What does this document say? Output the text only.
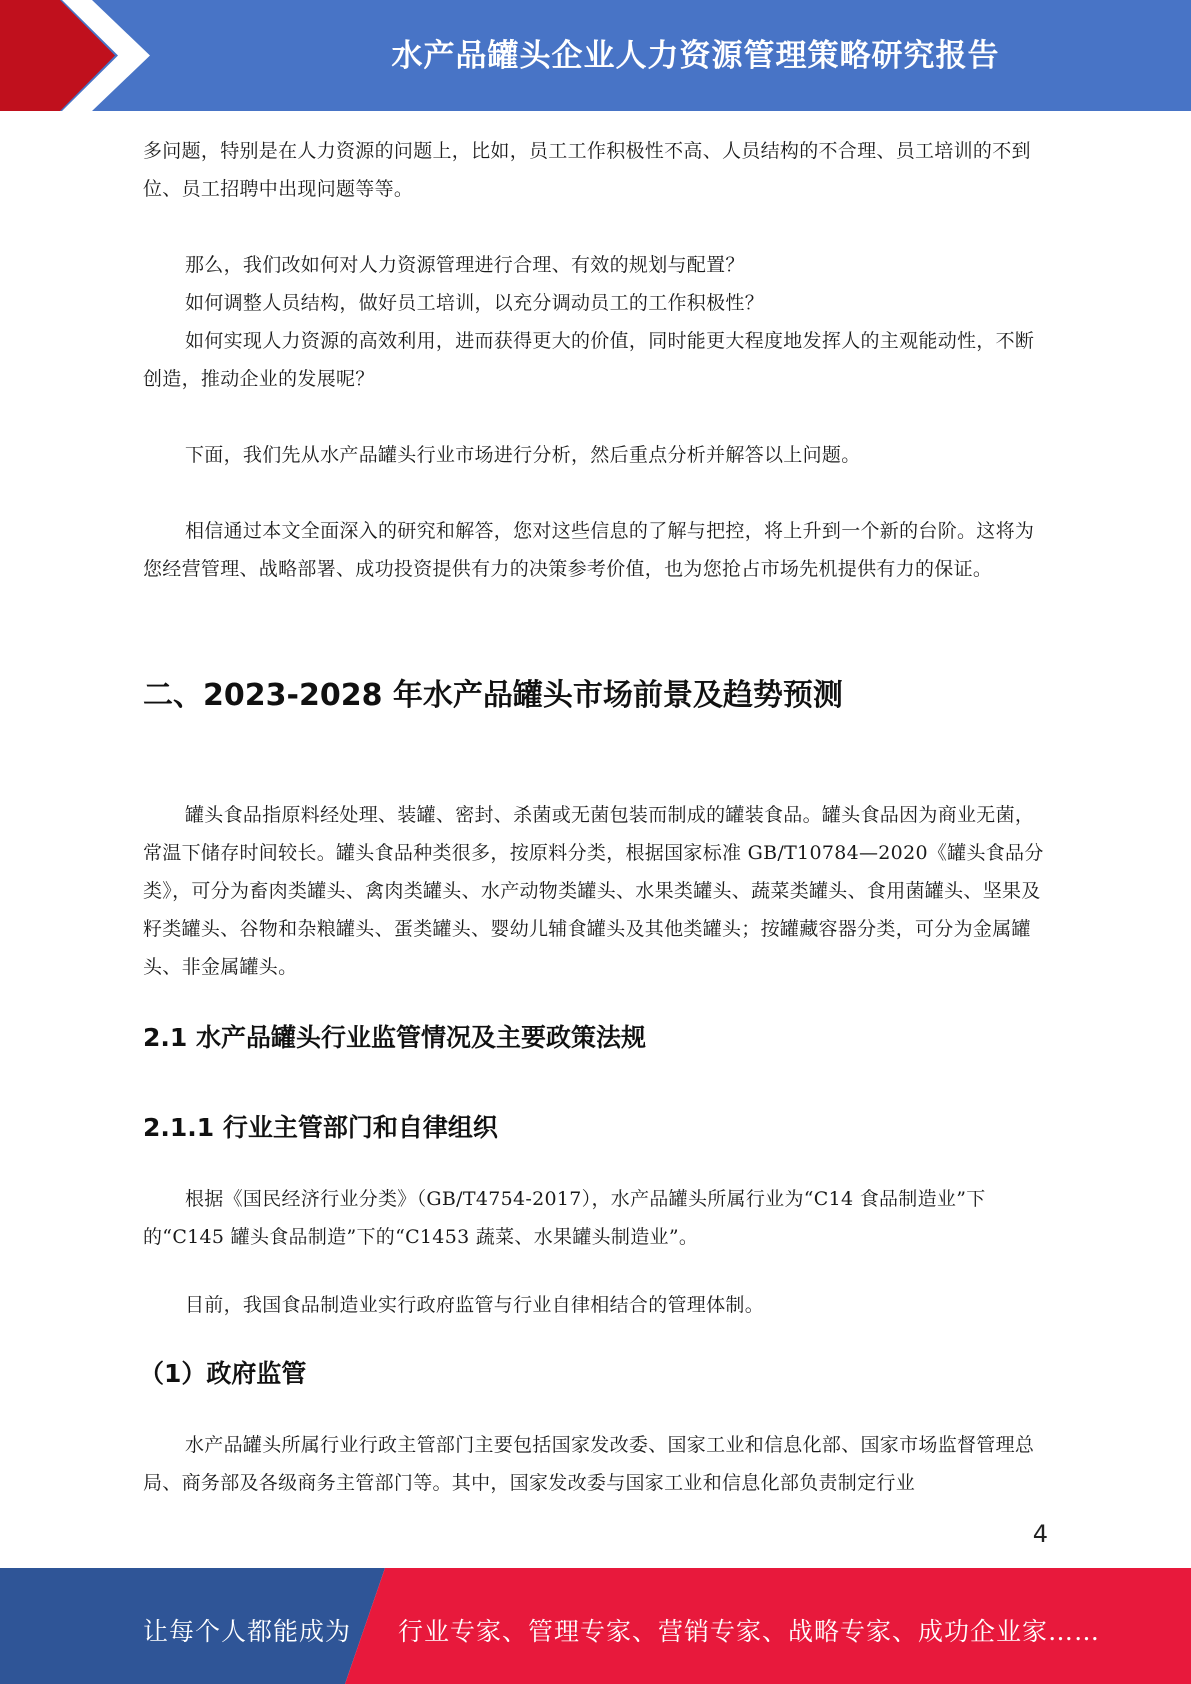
水产品罐头企业人力资源管理策略研究报告

多问题，特别是在人力资源的问题上，比如，员工工作积极性不高、人员结构的不合理、员工培训的不到位、员工招聘中出现问题等等。

那么，我们改如何对人力资源管理进行合理、有效的规划与配置？

如何调整人员结构，做好员工培训，以充分调动员工的工作积极性？

如何实现人力资源的高效利用，进而获得更大的价值，同时能更大程度地发挥人的主观能动性，不断创造，推动企业的发展呢？

下面，我们先从水产品罐头行业市场进行分析，然后重点分析并解答以上问题。

相信通过本文全面深入的研究和解答，您对这些信息的了解与把控，将上升到一个新的台阶。这将为您经营管理、战略部署、成功投资提供有力的决策参考价值，也为您抢占市场先机提供有力的保证。

二、2023-2028 年水产品罐头市场前景及趋势预测

罐头食品指原料经处理、装罐、密封、杀菌或无菌包装而制成的罐装食品。罐头食品因为商业无菌，常温下储存时间较长。罐头食品种类很多，按原料分类，根据国家标准 GB/T10784—2020《罐头食品分类》，可分为畜肉类罐头、禽肉类罐头、水产动物类罐头、水果类罐头、蔬菜类罐头、食用菌罐头、坚果及籽类罐头、谷物和杂粮罐头、蛋类罐头、婴幼儿辅食罐头及其他类罐头；按罐藏容器分类，可分为金属罐头、非金属罐头。

2.1 水产品罐头行业监管情况及主要政策法规
2.1.1 行业主管部门和自律组织

根据《国民经济行业分类》（GB/T4754-2017），水产品罐头所属行业为“C14 食品制造业”下的“C145 罐头食品制造”下的“C1453 蔬菜、水果罐头制造业”。

目前，我国食品制造业实行政府监管与行业自律相结合的管理体制。

（1）政府监管

水产品罐头所属行业行政主管部门主要包括国家发改委、国家工业和信息化部、国家市场监督管理总局、商务部及各级商务主管部门等。其中，国家发改委与国家工业和信息化部负责制定行业

4
让每个人都能成为 行业专家、管理专家、营销专家、战略专家、成功企业家……
